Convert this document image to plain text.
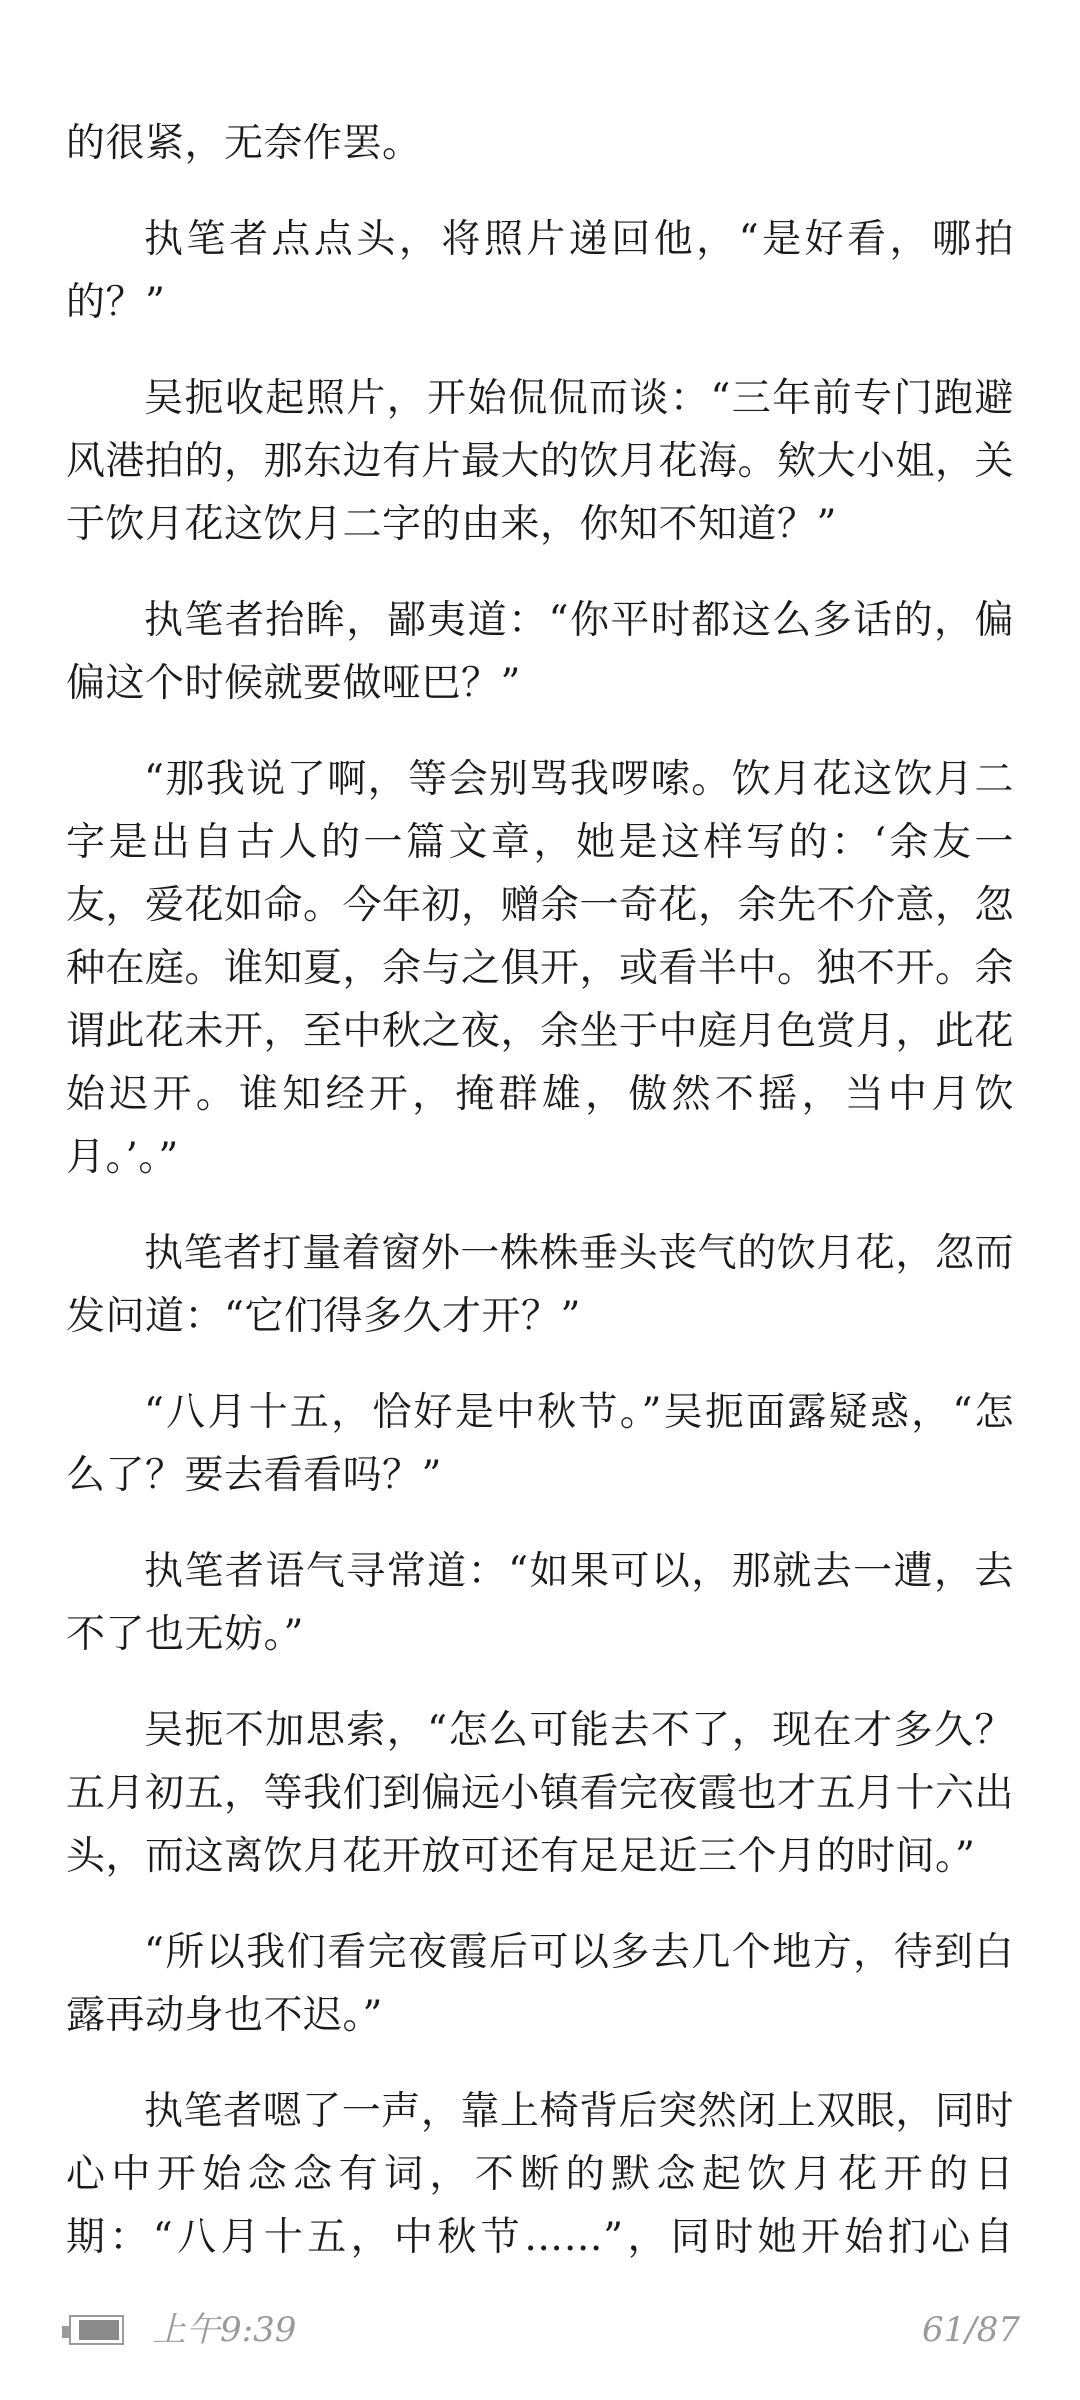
的很紧，无奈作罢。

执笔者点点头，将照片递回他，“是好看，哪拍的？”

吴扼收起照片，开始侃侃而谈：“三年前专门跑避风港拍的，那东边有片最大的饮月花海。欸大小姐，关于饮月花这饮月二字的由来，你知不知道？”

执笔者抬眸，鄙夷道：“你平时都这么多话的，偏偏这个时候就要做哑巴？”

“那我说了啊，等会别骂我啰嗦。饮月花这饮月二字是出自古人的一篇文章，她是这样写的：‘余友一友，爱花如命。今年初，赠余一奇花，余先不介意，忽种在庭。谁知夏，余与之俱开，或看半中。独不开。余谓此花未开，至中秋之夜，余坐于中庭月色赏月，此花始迟开。谁知经开，掩群雄，傲然不摇，当中月饮月。’。”

执笔者打量着窗外一株株垂头丧气的饮月花，忽而发问道：“它们得多久才开？”

“八月十五，恰好是中秋节。”吴扼面露疑惑，“怎么了？要去看看吗？”

执笔者语气寻常道：“如果可以，那就去一遭，去不了也无妨。”

吴扼不加思索，“怎么可能去不了，现在才多久？五月初五，等我们到偏远小镇看完夜霞也才五月十六出头，而这离饮月花开放可还有足足近三个月的时间。”

“所以我们看完夜霞后可以多去几个地方，待到白露再动身也不迟。”

执笔者嗯了一声，靠上椅背后突然闭上双眼，同时心中开始念念有词，不断的默念起饮月花开的日期：“八月十五，中秋节……”，同时她开始扪心自

上午9:39	61/87
